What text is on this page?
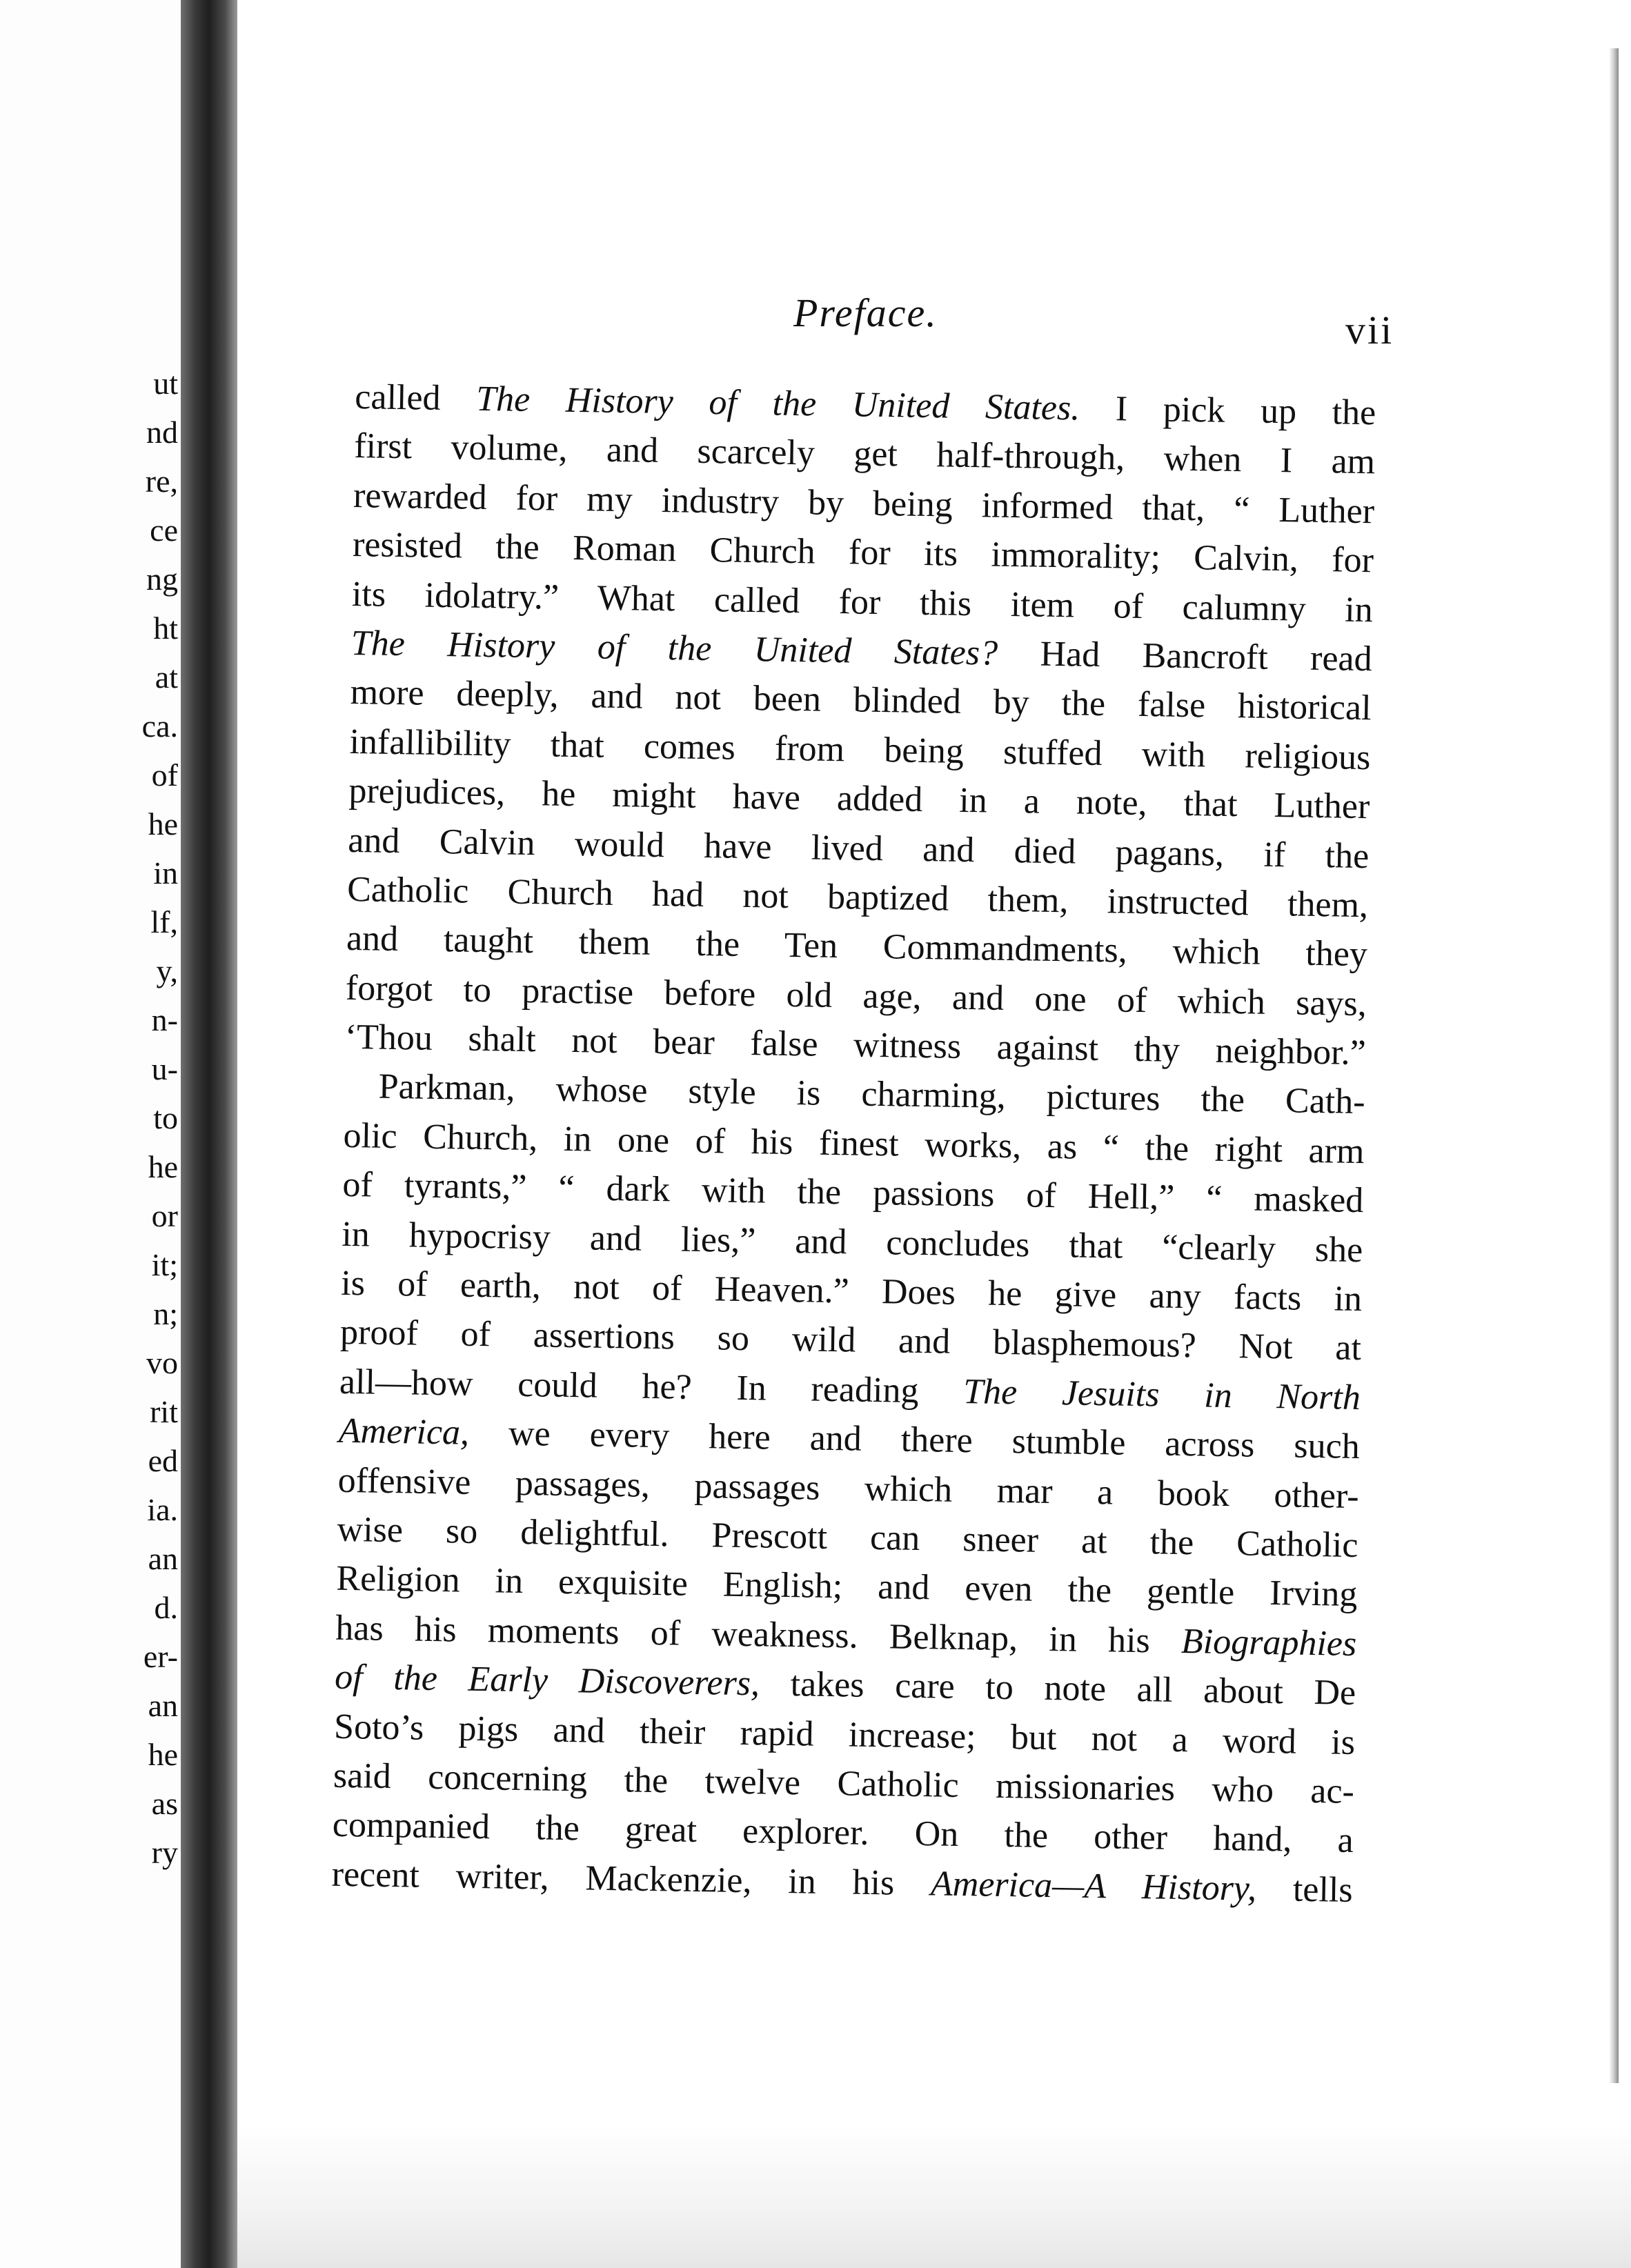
ut
nd
re,
ce
ng
ht
at
ca.
of
he
in
lf,
y,
n-
u-
to
he
or
it;
n;
vo
rit
ed
ia.
an
d.
er-
an
he
as
ry
Preface.	vii
called The History of the United States. I pick up the
first volume, and scarcely get half-through, when I am
rewarded for my industry by being informed that, “ Luther
resisted the Roman Church for its immorality; Calvin, for
its idolatry.” What called for this item of calumny in
The History of the United States? Had Bancroft read
more deeply, and not been blinded by the false historical
infallibility that comes from being stuffed with religious
prejudices, he might have added in a note, that Luther
and Calvin would have lived and died pagans, if the
Catholic Church had not baptized them, instructed them,
and taught them the Ten Commandments, which they
forgot to practise before old age, and one of which says,
‘Thou shalt not bear false witness against thy neighbor.”
Parkman, whose style is charming, pictures the Cath-
olic Church, in one of his finest works, as “ the right arm
of tyrants,” “ dark with the passions of Hell,” “ masked
in hypocrisy and lies,” and concludes that “clearly she
is of earth, not of Heaven.” Does he give any facts in
proof of assertions so wild and blasphemous? Not at
all—how could he? In reading The Jesuits in North
America, we every here and there stumble across such
offensive passages, passages which mar a book other-
wise so delightful. Prescott can sneer at the Catholic
Religion in exquisite English; and even the gentle Irving
has his moments of weakness. Belknap, in his Biographies
of the Early Discoverers, takes care to note all about De
Soto’s pigs and their rapid increase; but not a word is
said concerning the twelve Catholic missionaries who ac-
companied the great explorer. On the other hand, a
recent writer, Mackenzie, in his America—A History, tells
